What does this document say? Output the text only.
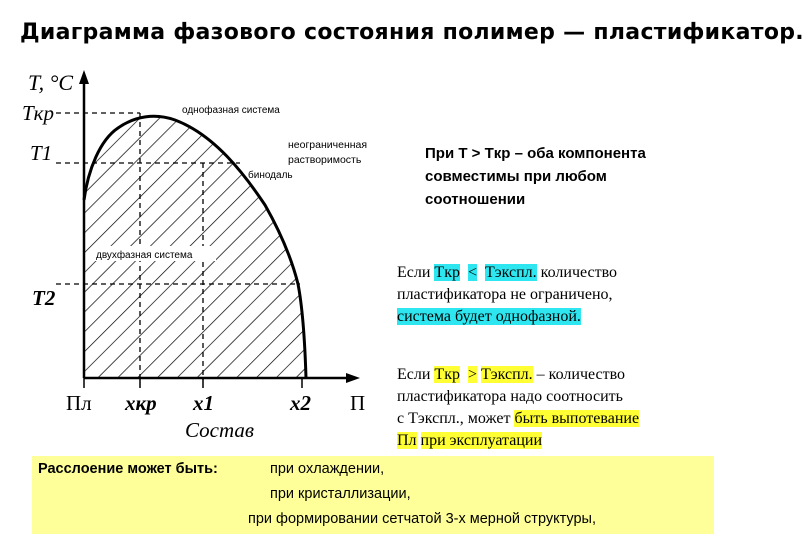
Диаграмма фазового состояния полимер — пластификатор.
T, °C
Tкр
T1
T2
Пл xкр x1	x2 П
Состав
однофазная система
неограниченная
растворимость
бинодаль
двухфазная система
При T > Tкр – оба компонента
совместимы при любом
соотношении
Если Tкр < Tэкспл. количество
пластификатора не ограничено,
система будет однофазной.
Если Tкр > Tэкспл. – количество
пластификатора надо соотносить
с Tэкспл., может быть выпотевание
Пл при эксплуатации
Расслоение может быть:	при охлаждении,
при кристаллизации,
при формировании сетчатой 3-х мерной структуры,
